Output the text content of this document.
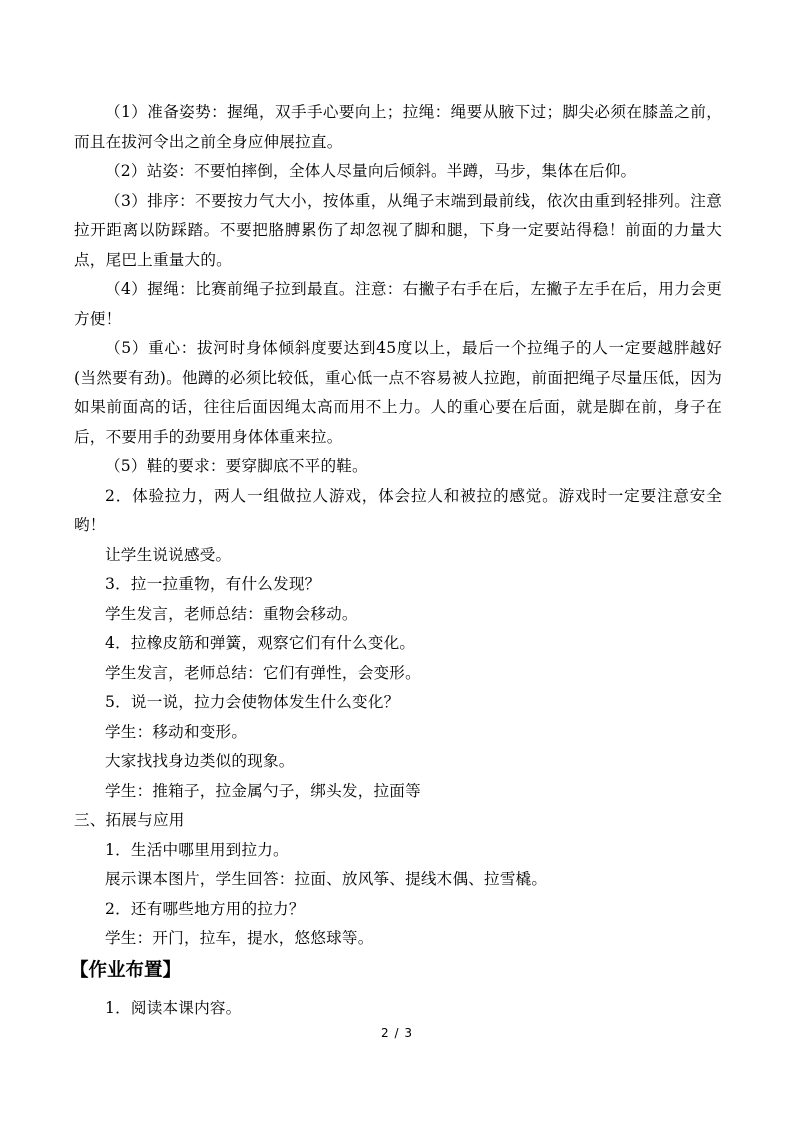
（1）准备姿势：握绳，双手手心要向上；拉绳：绳要从腋下过；脚尖必须在膝盖之前，而且在拔河令出之前全身应伸展拉直。

（2）站姿：不要怕摔倒，全体人尽量向后倾斜。半蹲，马步，集体在后仰。

（3）排序：不要按力气大小，按体重，从绳子末端到最前线，依次由重到轻排列。注意拉开距离以防踩踏。不要把胳膊累伤了却忽视了脚和腿，下身一定要站得稳！前面的力量大点，尾巴上重量大的。

（4）握绳：比赛前绳子拉到最直。注意：右撇子右手在后，左撇子左手在后，用力会更方便！

（5）重心：拔河时身体倾斜度要达到45度以上，最后一个拉绳子的人一定要越胖越好(当然要有劲)。他蹲的必须比较低，重心低一点不容易被人拉跑，前面把绳子尽量压低，因为如果前面高的话，往往后面因绳太高而用不上力。人的重心要在后面，就是脚在前，身子在后，不要用手的劲要用身体体重来拉。

（5）鞋的要求：要穿脚底不平的鞋。

2．体验拉力，两人一组做拉人游戏，体会拉人和被拉的感觉。游戏时一定要注意安全哟！

让学生说说感受。

3．拉一拉重物，有什么发现？

学生发言，老师总结：重物会移动。

4．拉橡皮筋和弹簧，观察它们有什么变化。

学生发言，老师总结：它们有弹性，会变形。

5．说一说，拉力会使物体发生什么变化？

学生：移动和变形。

大家找找身边类似的现象。

学生：推箱子，拉金属勺子，绑头发，拉面等

三、拓展与应用

1．生活中哪里用到拉力。

展示课本图片，学生回答：拉面、放风筝、提线木偶、拉雪橇。

2．还有哪些地方用的拉力？

学生：开门，拉车，提水，悠悠球等。

【作业布置】

1．阅读本课内容。

2 / 3
